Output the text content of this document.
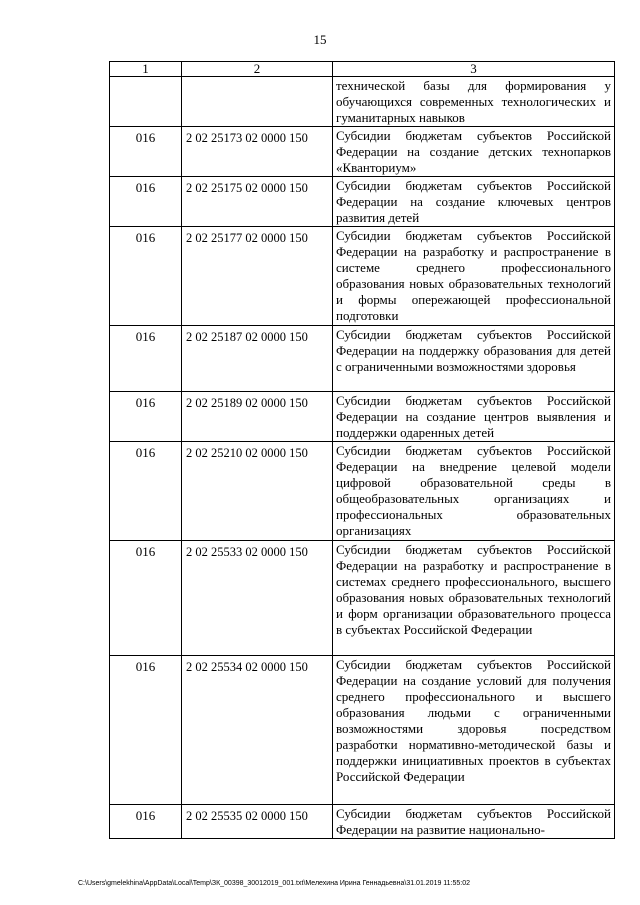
15
1	2	3
		технической базы для формирования у обучающихся современных технологических и гуманитарных навыков
016	2 02 25173 02 0000 150	Субсидии бюджетам субъектов Российской Федерации на создание детских технопарков «Кванториум»
016	2 02 25175 02 0000 150	Субсидии бюджетам субъектов Российской Федерации на создание ключевых центров развития детей
016	2 02 25177 02 0000 150	Субсидии бюджетам субъектов Российской Федерации на разработку и распространение в системе среднего профессионального образования новых образовательных технологий и формы опережающей профессиональной подготовки
016	2 02 25187 02 0000 150	Субсидии бюджетам субъектов Российской Федерации на поддержку образования для детей с ограниченными возможностями здоровья
016	2 02 25189 02 0000 150	Субсидии бюджетам субъектов Российской Федерации на создание центров выявления и поддержки одаренных детей
016	2 02 25210 02 0000 150	Субсидии бюджетам субъектов Российской Федерации на внедрение целевой модели цифровой образовательной среды в общеобразовательных организациях и профессиональных образовательных организациях
016	2 02 25533 02 0000 150	Субсидии бюджетам субъектов Российской Федерации на разработку и распространение в системах среднего профессионального, высшего образования новых образовательных технологий и форм организации образовательного процесса в субъектах Российской Федерации
016	2 02 25534 02 0000 150	Субсидии бюджетам субъектов Российской Федерации на создание условий для получения среднего профессионального и высшего образования людьми с ограниченными возможностями здоровья посредством разработки нормативно-методической базы и поддержки инициативных проектов в субъектах Российской Федерации
016	2 02 25535 02 0000 150	Субсидии бюджетам субъектов Российской Федерации на развитие национально-
C:\Users\gmelekhina\AppData\Local\Temp\ЗК_00398_30012019_001.txt\Мелехина Ирина Геннадьевна\31.01.2019 11:55:02
